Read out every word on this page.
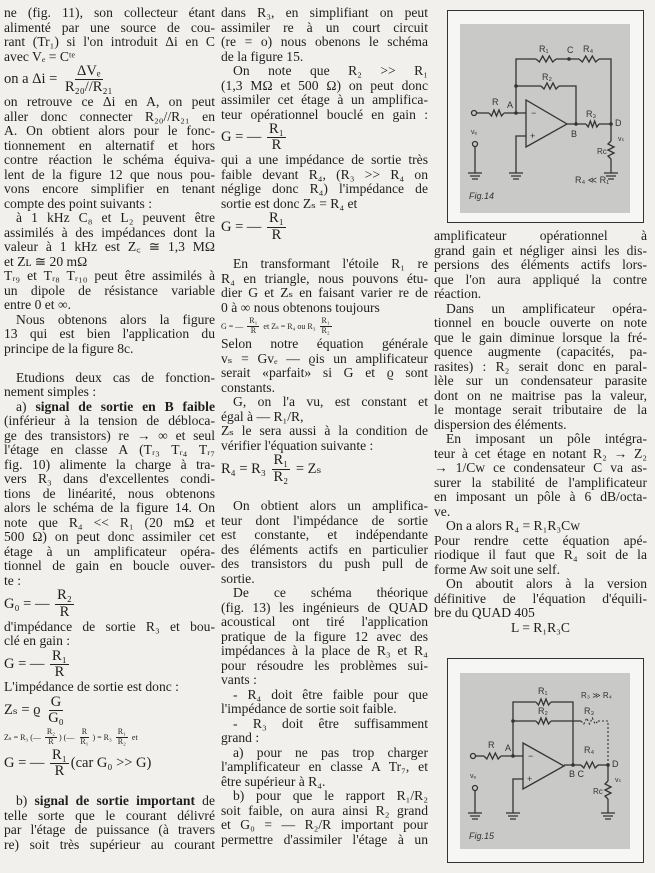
ne (fig. 11), son collecteur étant
alimenté par une source de cou-
rant (Tr₁) si l'on introduit Δi en C
avec Vₑ = Cᵗᵉ
on a $\Delta i = \frac{\text{ΔVₑ}}{\text{R₂₀//R₂₁}}$
on retrouve ce Δi en A, on peut
aller donc connecter R₂₀//R₂₁ en
A. On obtient alors pour le fonc-
tionnement en alternatif et hors
contre réaction le schéma équiva-
lent de la figure 12 que nous pou-
vons encore simplifier en tenant
compte des point suivants :
à 1 kHz C₈ et L₂ peuvent être
assimilés à des impédances dont la
valeur à 1 kHz est Z꜀ ≅ 1,3 MΩ
et Zʟ ≅ 20 mΩ
Tᵣ₉ et Tᵣ₈ Tᵣ₁₀ peut être assimilés à
un dipole de résistance variable
entre 0 et ∞.
Nous obtenons alors la figure
13 qui est bien l'application du
principe de la figure 8c.
Etudions deux cas de fonction-
nement simples :
a) signal de sortie en B faible
(inférieur à la tension de débloca-
ge des transistors) re → ∞ et seul
l'étage en classe A (Tᵣ₃ Tᵣ₄ Tᵣ₇
fig. 10) alimente la charge à tra-
vers R₃ dans d'excellentes condi-
tions de linéarité, nous obtenons
alors le schéma de la figure 14. On
note que R₄ << R₁ (20 mΩ et
500 Ω) on peut donc assimiler cet
étage à un amplificateur opéra-
tionnel de gain en boucle ouver-
te :
G₀ = — $\frac{\text{R₂}}{R}$
d'impédance de sortie R₃ et bou-
clé en gain :
G = — $\frac{\text{R₁}}{R}$
L'impédance de sortie est donc :
Zₛ = ϱ $\frac{G}{\text{G₀}}$
Zₛ = R₃ (— $\frac{\text{R₂}}{R}$ ) (— $\frac{R}{\text{R₁}}$ ) = $R_3 \frac{\text{R₁}}{\text{R₂}}$ et
G = — $\frac{\text{R₁}}{R} (car$ G₀ >> G)
b) signal de sortie important de
telle sorte que le courant délivré
par l'étage de puissance (à travers
re) soit très supérieur au courant
dans R₃, en simplifiant on peut
assimiler re à un court circuit
(re = o) nous obenons le schéma
de la figure 15.
On note que R₂ >> R₁
(1,3 MΩ et 500 Ω) on peut donc
assimiler cet étage à un amplifica-
teur opérationnel bouclé en gain :
G = — $\frac{\text{R₁}}{R}$
qui a une impédance de sortie très
faible devant R₄, (R₃ >> R₄ on
néglige donc R₄) l'impédance de
sortie est donc Zₛ = R₄ et
G = — $\frac{\text{R₁}}{R}$
En transformant l'étoile R₁ re
R₄ en triangle, nous pouvons étu-
dier G et Zₛ en faisant varier re de
0 à ∞ nous obtenons toujours
G = — $\frac{\text{R₁}}{R}$ et Zₛ = R₄ ou $R_3 \frac{\text{R₁}}{\text{R₂}}$
Selon notre équation générale
vₛ = Gvₑ — ϱis un amplificateur
serait «parfait» si G et ϱ sont
constants.
G, on l'a vu, est constant et
égal à — R₁/R,
Zₛ le sera aussi à la condition de
vérifier l'équation suivante :
$R_4 = R_3 \frac{\text{R₁}}{\text{R₂}} = Z_s$
On obtient alors un amplifica-
teur dont l'impédance de sortie
est constante, et indépendante
des éléments actifs en particulier
des transistors du push pull de
sortie.
De ce schéma théorique
(fig. 13) les ingénieurs de QUAD
acoustical ont tiré l'application
pratique de la figure 12 avec des
impédances à la place de R₃ et R₄
pour résoudre les problèmes sui-
vants :
- R₄ doit être faible pour que
l'impédance de sortie soit faible.
- R₃ doit être suffisamment
grand :
a) pour ne pas trop charger
l'amplificateur en classe A Tr₇, et
être supérieur à R₄.
b) pour que le rapport R₁/R₂
soit faible, on aura ainsi R₂ grand
et G₀ = — R₂/R important pour
permettre d'assimiler l'étage à un
amplificateur opérationnel à
grand gain et négliger ainsi les dis-
persions des éléments actifs lors-
que l'on aura appliqué la contre
réaction.
Dans un amplificateur opéra-
tionnel en boucle ouverte on note
que le gain diminue lorsque la fré-
quence augmente (capacités, pa-
rasites) : R₂ serait donc en paral-
lèle sur un condensateur parasite
dont on ne maitrise pas la valeur,
le montage serait tributaire de la
dispersion des éléments.
En imposant un pôle intégra-
teur à cet étage en notant R₂ → Z₂
→ 1/Cw ce condensateur C va as-
surer la stabilité de l'amplificateur
en imposant un pôle à 6 dB/octa-
ve.
On a alors R₄ = R₁R₃Cw
Pour rendre cette équation apé-
riodique il faut que R₄ soit de la
forme Aw soit une self.
On aboutit alors à la version
définitive de l'équation d'équili-
bre du QUAD 405
L = R₁R₃C
R₁ C R₄
R₂
R A
R₃
B
D
vₛ
Rc
vₑ
−
+
R₄ ≪ R₁
Fig.14
R₁	R₃ ≫ R₄
R₂	R₃
R A	R₄
B C
D
vₛ
Rc
vₑ
−
+
Fig.15
